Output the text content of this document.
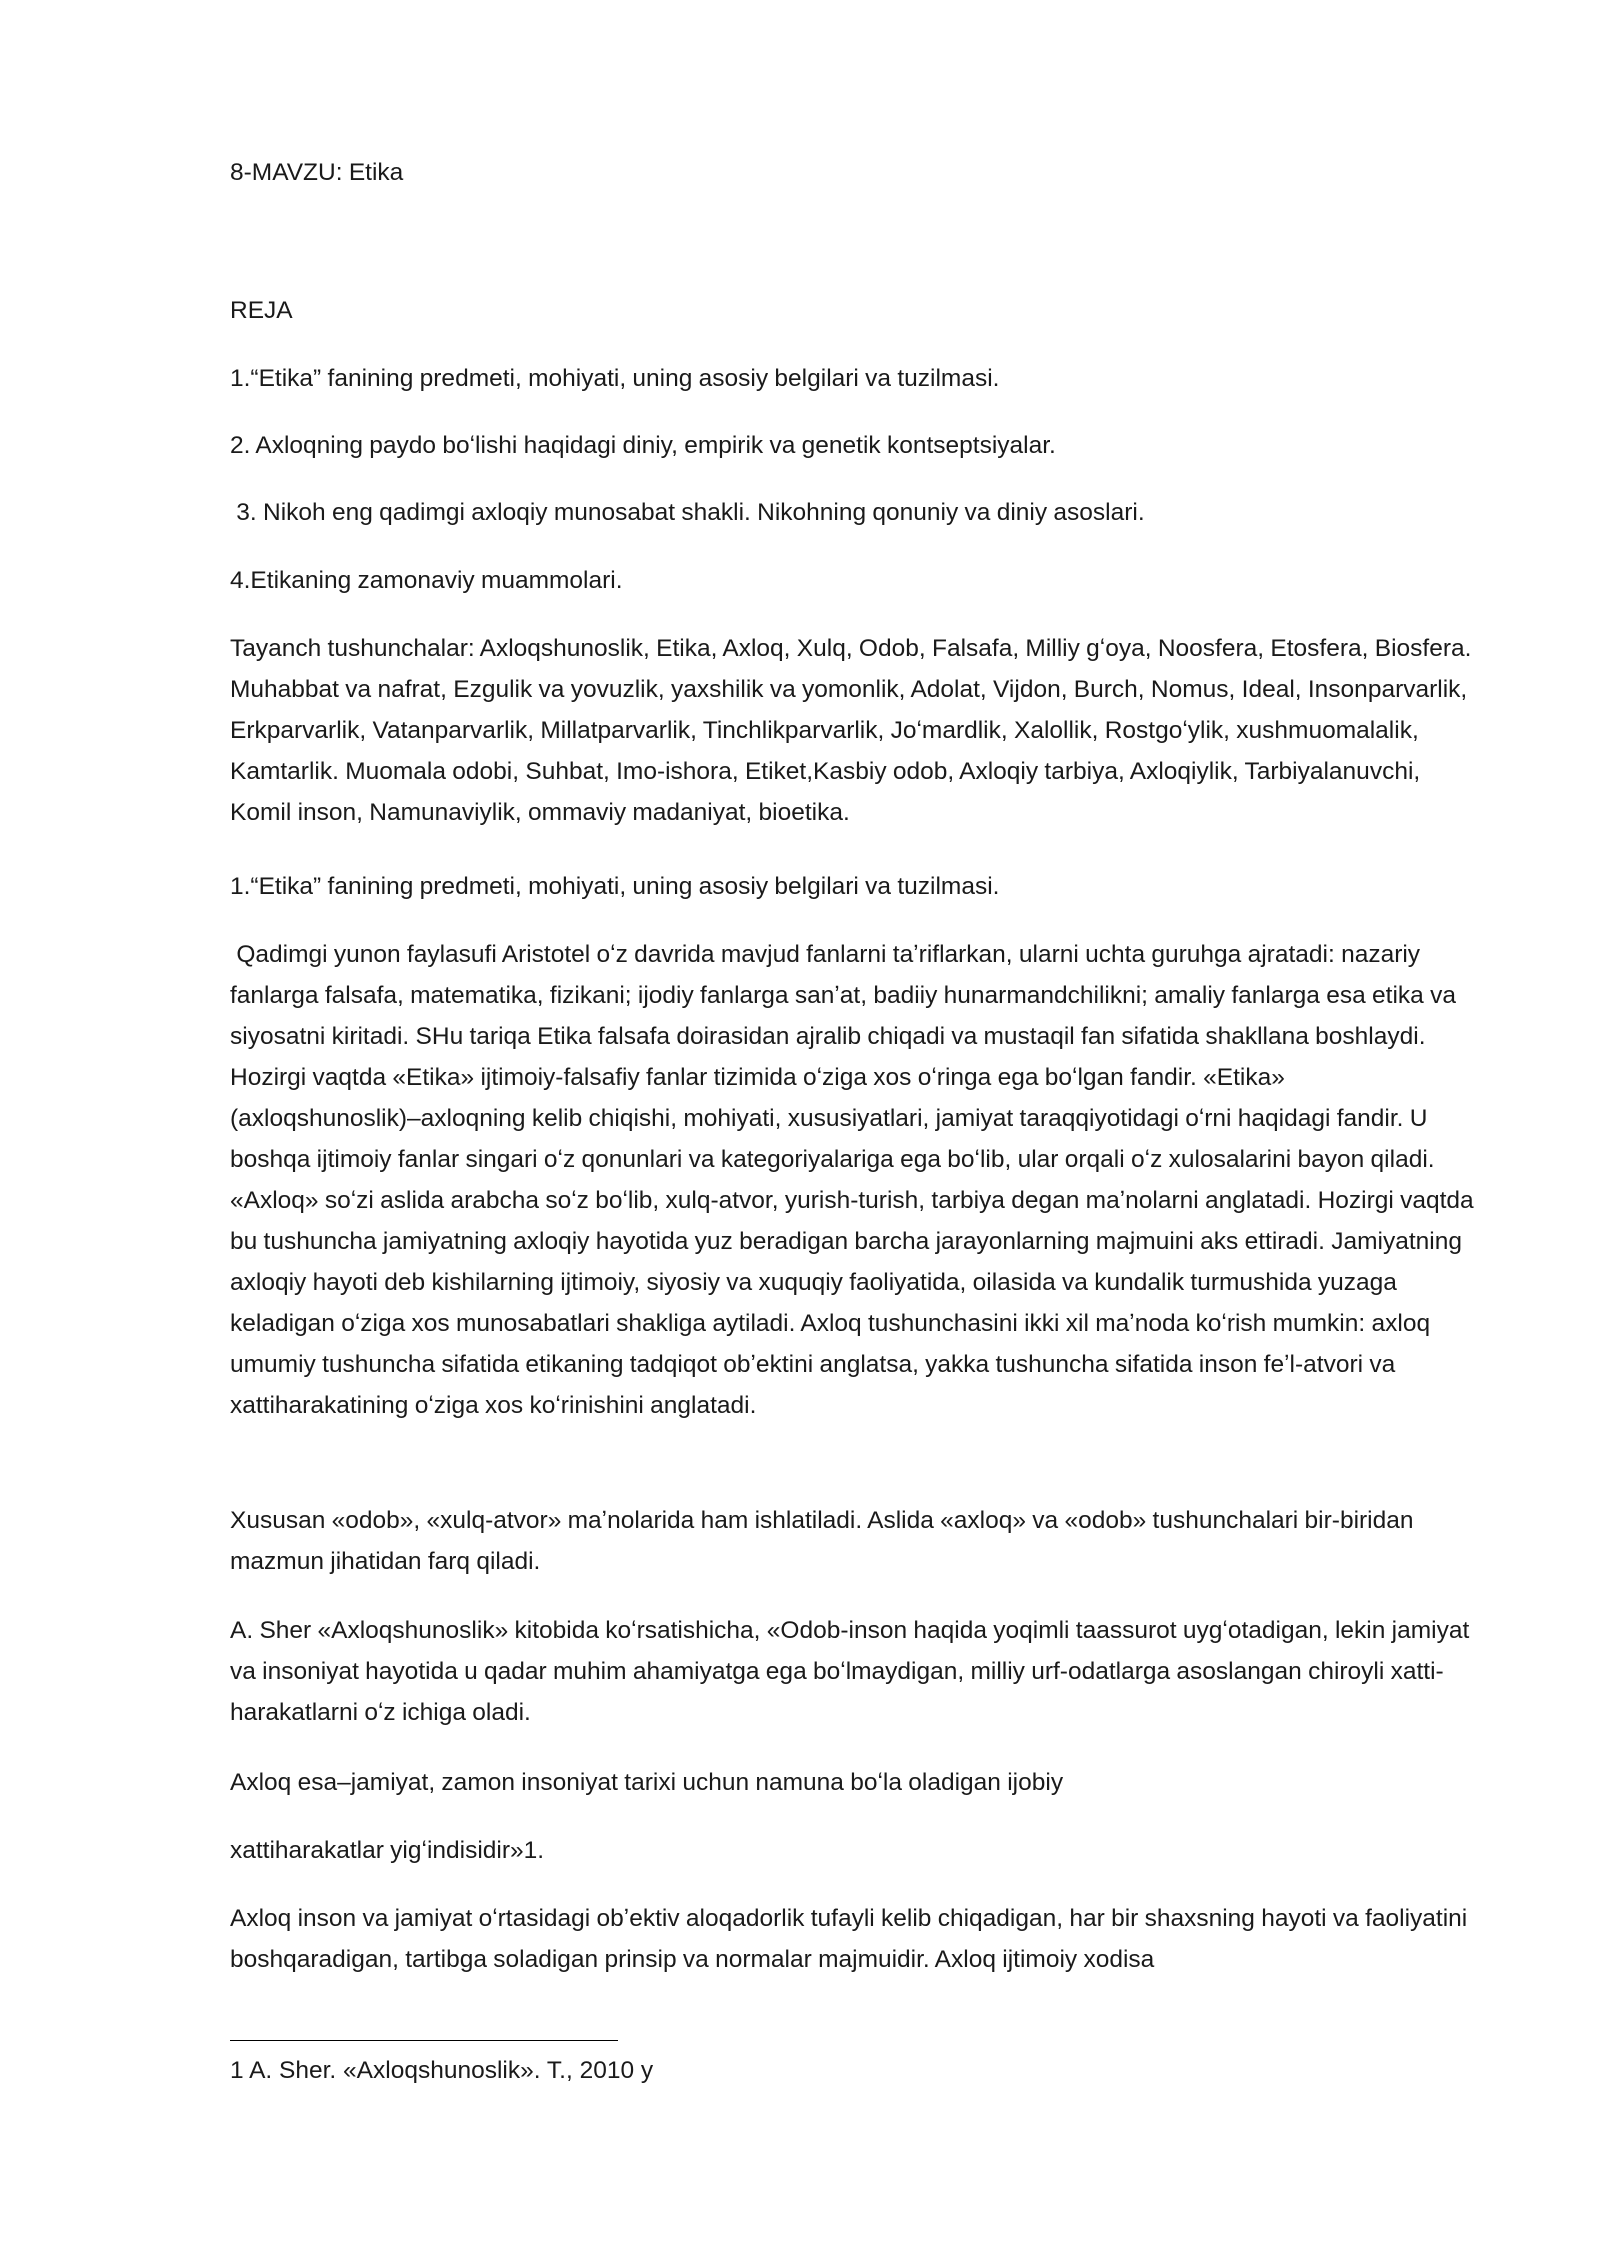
8-MAVZU: Etika

REJA

1.“Etika” fanining predmeti, mohiyati, uning asosiy belgilari va tuzilmasi.

2. Axloqning paydo boʻlishi haqidagi diniy, empirik va genetik kontseptsiyalar.

3. Nikoh eng qadimgi axloqiy munosabat shakli. Nikohning qonuniy va diniy asoslari.

4.Etikaning zamonaviy muammolari.

Tayanch tushunchalar: Axloqshunoslik, Etika, Axloq, Xulq, Odob, Falsafa, Milliy gʻoya, Noosfera, Etosfera, Biosfera. Muhabbat va nafrat, Ezgulik va yovuzlik, yaxshilik va yomonlik, Adolat, Vijdon, Burch, Nomus, Ideal, Insonparvarlik, Erkparvarlik, Vatanparvarlik, Millatparvarlik, Tinchlikparvarlik, Joʻmardlik, Xalollik, Rostgoʻylik, xushmuomalalik, Kamtarlik. Muomala odobi, Suhbat, Imo-ishora, Etiket,Kasbiy odob, Axloqiy tarbiya, Axloqiylik, Tarbiyalanuvchi, Komil inson, Namunaviylik, ommaviy madaniyat, bioetika.

1.“Etika” fanining predmeti, mohiyati, uning asosiy belgilari va tuzilmasi.

Qadimgi yunon faylasufi Aristotel oʻz davrida mavjud fanlarni taʼriflarkan, ularni uchta guruhga ajratadi: nazariy fanlarga falsafa, matematika, fizikani; ijodiy fanlarga sanʼat, badiiy hunarmandchilikni; amaliy fanlarga esa etika va siyosatni kiritadi. SHu tariqa Etika falsafa doirasidan ajralib chiqadi va mustaqil fan sifatida shakllana boshlaydi. Hozirgi vaqtda «Etika» ijtimoiy-falsafiy fanlar tizimida oʻziga xos oʻringa ega boʻlgan fandir. «Etika» (axloqshunoslik)–axloqning kelib chiqishi, mohiyati, xususiyatlari, jamiyat taraqqiyotidagi oʻrni haqidagi fandir. U boshqa ijtimoiy fanlar singari oʻz qonunlari va kategoriyalariga ega boʻlib, ular orqali oʻz xulosalarini bayon qiladi. «Axloq» soʻzi aslida arabcha soʻz boʻlib, xulq-atvor, yurish-turish, tarbiya degan maʼnolarni anglatadi. Hozirgi vaqtda bu tushuncha jamiyatning axloqiy hayotida yuz beradigan barcha jarayonlarning majmuini aks ettiradi. Jamiyatning axloqiy hayoti deb kishilarning ijtimoiy, siyosiy va xuquqiy faoliyatida, oilasida va kundalik turmushida yuzaga keladigan oʻziga xos munosabatlari shakliga aytiladi. Axloq tushunchasini ikki xil maʼnoda koʻrish mumkin: axloq umumiy tushuncha sifatida etikaning tadqiqot obʼektini anglatsa, yakka tushuncha sifatida inson feʼl-atvori va xattiharakatining oʻziga xos koʻrinishini anglatadi.

Xususan «odob», «xulq-atvor» maʼnolarida ham ishlatiladi. Aslida «axloq» va «odob» tushunchalari bir-biridan mazmun jihatidan farq qiladi.

A. Sher «Axloqshunoslik» kitobida koʻrsatishicha, «Odob-inson haqida yoqimli taassurot uygʻotadigan, lekin jamiyat va insoniyat hayotida u qadar muhim ahamiyatga ega boʻlmaydigan, milliy urf-odatlarga asoslangan chiroyli xatti-harakatlarni oʻz ichiga oladi.

Axloq esa–jamiyat, zamon insoniyat tarixi uchun namuna boʻla oladigan ijobiy

xattiharakatlar yigʻindisidir»1.

Axloq inson va jamiyat oʻrtasidagi obʼektiv aloqadorlik tufayli kelib chiqadigan, har bir shaxsning hayoti va faoliyatini boshqaradigan, tartibga soladigan prinsip va normalar majmuidir. Axloq ijtimoiy xodisa

1 A. Sher. «Axloqshunoslik». T., 2010 y
